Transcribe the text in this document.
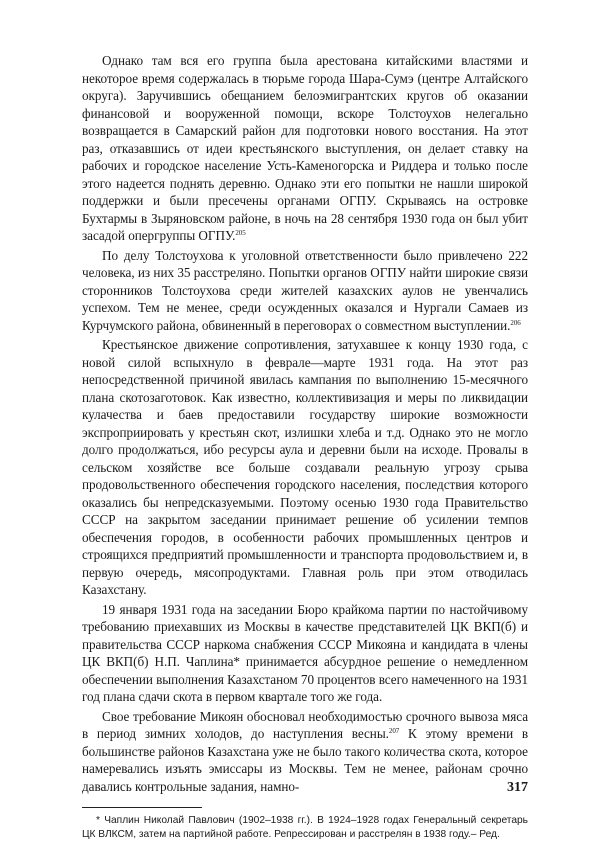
Однако там вся его группа была арестована китайскими властями и некоторое время содержалась в тюрьме города Шара-Сумэ (центре Алтайского округа). Заручившись обещанием белоэмигрантских кругов об оказании финансовой и вооруженной помощи, вскоре Толстоухов нелегально возвращается в Самарский район для подготовки нового восстания. На этот раз, отказавшись от идеи крестьянского выступления, он делает ставку на рабочих и городское население Усть-Каменогорска и Риддера и только после этого надеется поднять деревню. Однако эти его попытки не нашли широкой поддержки и были пресечены органами ОГПУ. Скрываясь на островке Бухтармы в Зыряновском районе, в ночь на 28 сентября 1930 года он был убит засадой опергруппы ОГПУ.$^{205}$

По делу Толстоухова к уголовной ответственности было привлечено 222 человека, из них 35 расстреляно. Попытки органов ОГПУ найти широкие связи сторонников Толстоухова среди жителей казахских аулов не увенчались успехом. Тем не менее, среди осужденных оказался и Нургали Самаев из Курчумского района, обвиненный в переговорах о совместном выступлении.$^{206}$

Крестьянское движение сопротивления, затухавшее к концу 1930 года, с новой силой вспыхнуло в феврале—марте 1931 года. На этот раз непосредственной причиной явилась кампания по выполнению 15-месячного плана скотозаготовок. Как известно, коллективизация и меры по ликвидации кулачества и баев предоставили государству широкие возможности экспроприировать у крестьян скот, излишки хлеба и т.д. Однако это не могло долго продолжаться, ибо ресурсы аула и деревни были на исходе. Провалы в сельском хозяйстве все больше создавали реальную угрозу срыва продовольственного обеспечения городского населения, последствия которого оказались бы непредсказуемыми. Поэтому осенью 1930 года Правительство СССР на закрытом заседании принимает решение об усилении темпов обеспечения городов, в особенности рабочих промышленных центров и строящихся предприятий промышленности и транспорта продовольствием и, в первую очередь, мясопродуктами. Главная роль при этом отводилась Казахстану.

19 января 1931 года на заседании Бюро крайкома партии по настойчивому требованию приехавших из Москвы в качестве представителей ЦК ВКП(б) и правительства СССР наркома снабжения СССР Микояна и кандидата в члены ЦК ВКП(б) Н.П. Чаплина* принимается абсурдное решение о немедленном обеспечении выполнения Казахстаном 70 процентов всего намеченного на 1931 год плана сдачи скота в первом квартале того же года.

Свое требование Микоян обосновал необходимостью срочного вывоза мяса в период зимних холодов, до наступления весны.$^{207}$ К этому времени в большинстве районов Казахстана уже не было такого количества скота, которое намеревались изъять эмиссары из Москвы. Тем не менее, районам срочно давались контрольные задания, намно-

* Чаплин Николай Павлович (1902–1938 гг.). В 1924–1928 годах Генеральный секретарь ЦК ВЛКСМ, затем на партийной работе. Репрессирован и расстрелян в 1938 году.– Ред.

317
